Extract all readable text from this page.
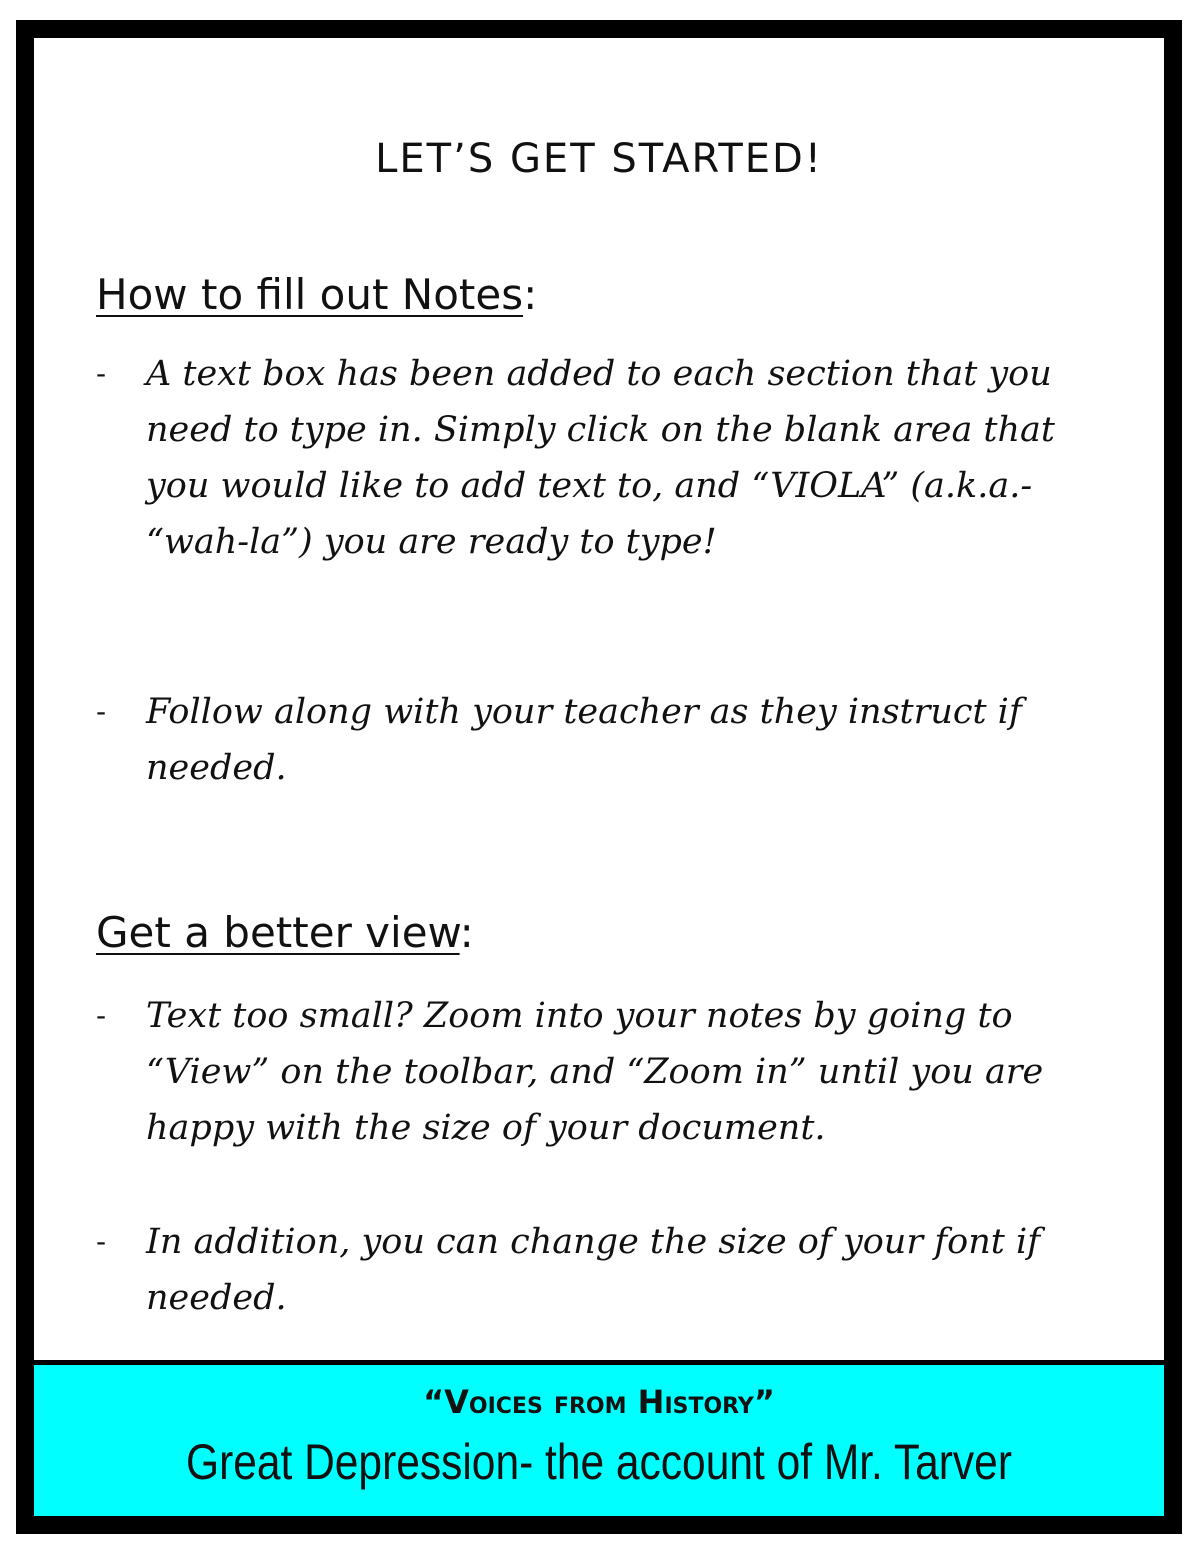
LET’S GET STARTED!
How to fill out Notes:
-	A text box has been added to each section that you need to type in. Simply click on the blank area that you would like to add text to, and “VIOLA” (a.k.a.- “wah-la”) you are ready to type!
-	Follow along with your teacher as they instruct if needed.
Get a better view:
-	Text too small? Zoom into your notes by going to “View” on the toolbar, and “Zoom in” until you are happy with the size of your document.
-	In addition, you can change the size of your font if needed.
“Voices from History”
Great Depression- the account of Mr. Tarver
